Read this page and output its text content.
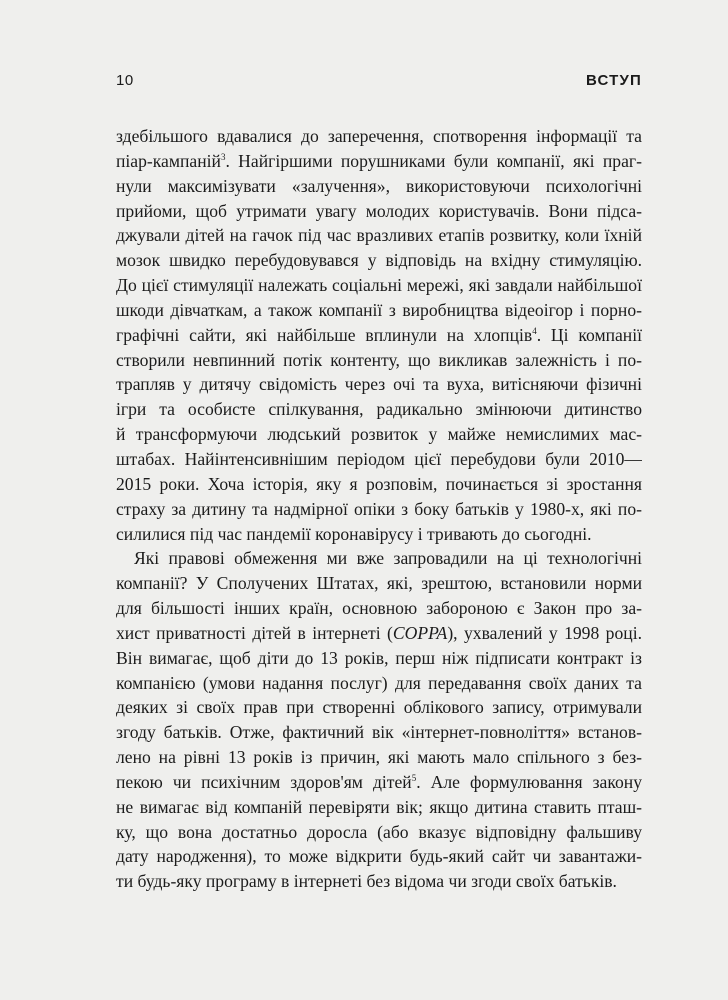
10	ВСТУП
здебільшого вдавалися до заперечення, спотворення інформації та
піар-кампаній$^3$. Найгіршими порушниками були компанії, які праг-
нули максимізувати «залучення», використовуючи психологічні
прийоми, щоб утримати увагу молодих користувачів. Вони підса-
джували дітей на гачок під час вразливих етапів розвитку, коли їхній
мозок швидко перебудовувався у відповідь на вхідну стимуляцію.
До цієї стимуляції належать соціальні мережі, які завдали найбільшої
шкоди дівчаткам, а також компанії з виробництва відеоігор і порно-
графічні сайти, які найбільше вплинули на хлопців$^4$. Ці компанії
створили невпинний потік контенту, що викликав залежність і по-
трапляв у дитячу свідомість через очі та вуха, витісняючи фізичні
ігри та особисте спілкування, радикально змінюючи дитинство
й трансформуючи людський розвиток у майже немислимих мас-
штабах. Найінтенсивнішим періодом цієї перебудови були 2010—
2015 роки. Хоча історія, яку я розповім, починається зі зростання
страху за дитину та надмірної опіки з боку батьків у 1980-х, які по-
силилися під час пандемії коронавірусу і тривають до сьогодні.
Які правові обмеження ми вже запровадили на ці технологічні
компанії? У Сполучених Штатах, які, зрештою, встановили норми
для більшості інших країн, основною забороною є Закон про за-
хист приватності дітей в інтернеті (COPPA), ухвалений у 1998 році.
Він вимагає, щоб діти до 13 років, перш ніж підписати контракт із
компанією (умови надання послуг) для передавання своїх даних та
деяких зі своїх прав при створенні облікового запису, отримували
згоду батьків. Отже, фактичний вік «інтернет-повноліття» встанов-
лено на рівні 13 років із причин, які мають мало спільного з без-
пекою чи психічним здоров'ям дітей$^5$. Але формулювання закону
не вимагає від компаній перевіряти вік; якщо дитина ставить пташ-
ку, що вона достатньо доросла (або вказує відповідну фальшиву
дату народження), то може відкрити будь-який сайт чи завантажи-
ти будь-яку програму в інтернеті без відома чи згоди своїх батьків.
